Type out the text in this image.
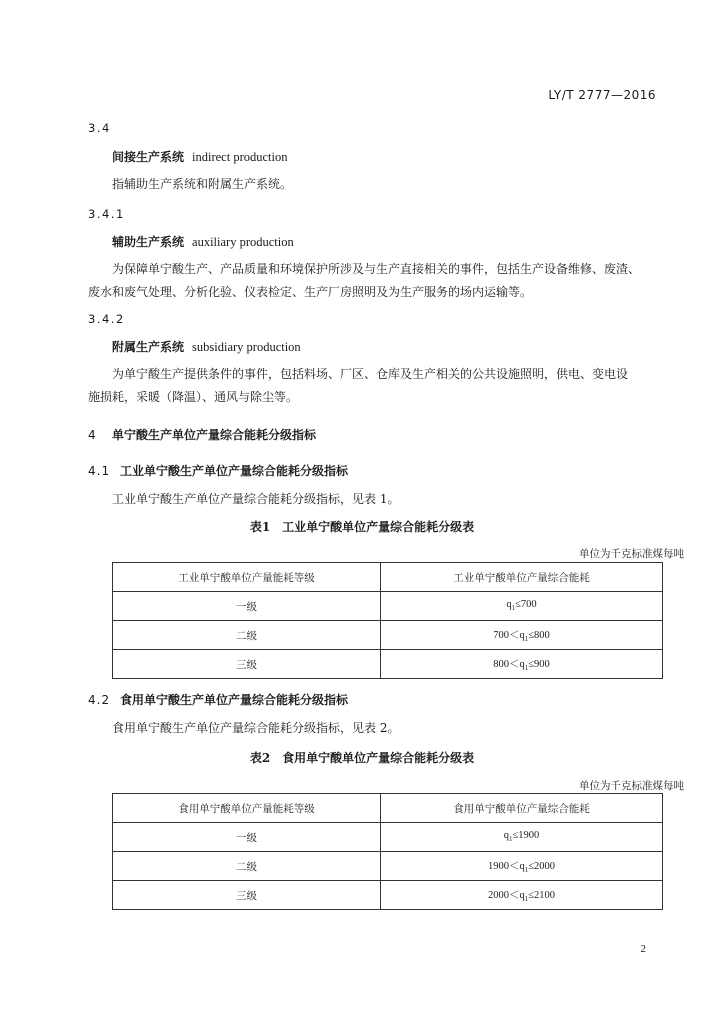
LY/T 2777—2016
3.4
间接生产系统 indirect production
指辅助生产系统和附属生产系统。
3.4.1
辅助生产系统 auxiliary production
为保障单宁酸生产、产品质量和环境保护所涉及与生产直接相关的事件，包括生产设备维修、废渣、
废水和废气处理、分析化验、仪表检定、生产厂房照明及为生产服务的场内运输等。
3.4.2
附属生产系统 subsidiary production
为单宁酸生产提供条件的事件，包括料场、厂区、仓库及生产相关的公共设施照明，供电、变电设
施损耗，采暖（降温）、通风与除尘等。
4 单宁酸生产单位产量综合能耗分级指标
4.1 工业单宁酸生产单位产量综合能耗分级指标
工业单宁酸生产单位产量综合能耗分级指标，见表 1。
表1　工业单宁酸单位产量综合能耗分级表
单位为千克标准煤每吨
工业单宁酸单位产量能耗等级	工业单宁酸单位产量综合能耗
一级	$q_1\le 700$
二级	$700<q_1\le 800$
三级	$800<q_1\le 900$
4.2 食用单宁酸生产单位产量综合能耗分级指标
食用单宁酸生产单位产量综合能耗分级指标，见表 2。
表2　食用单宁酸单位产量综合能耗分级表
单位为千克标准煤每吨
食用单宁酸单位产量能耗等级	食用单宁酸单位产量综合能耗
一级	$q_1\le 1900$
二级	$1900<q_1\le 2000$
三级	$2000<q_1\le 2100$
2
